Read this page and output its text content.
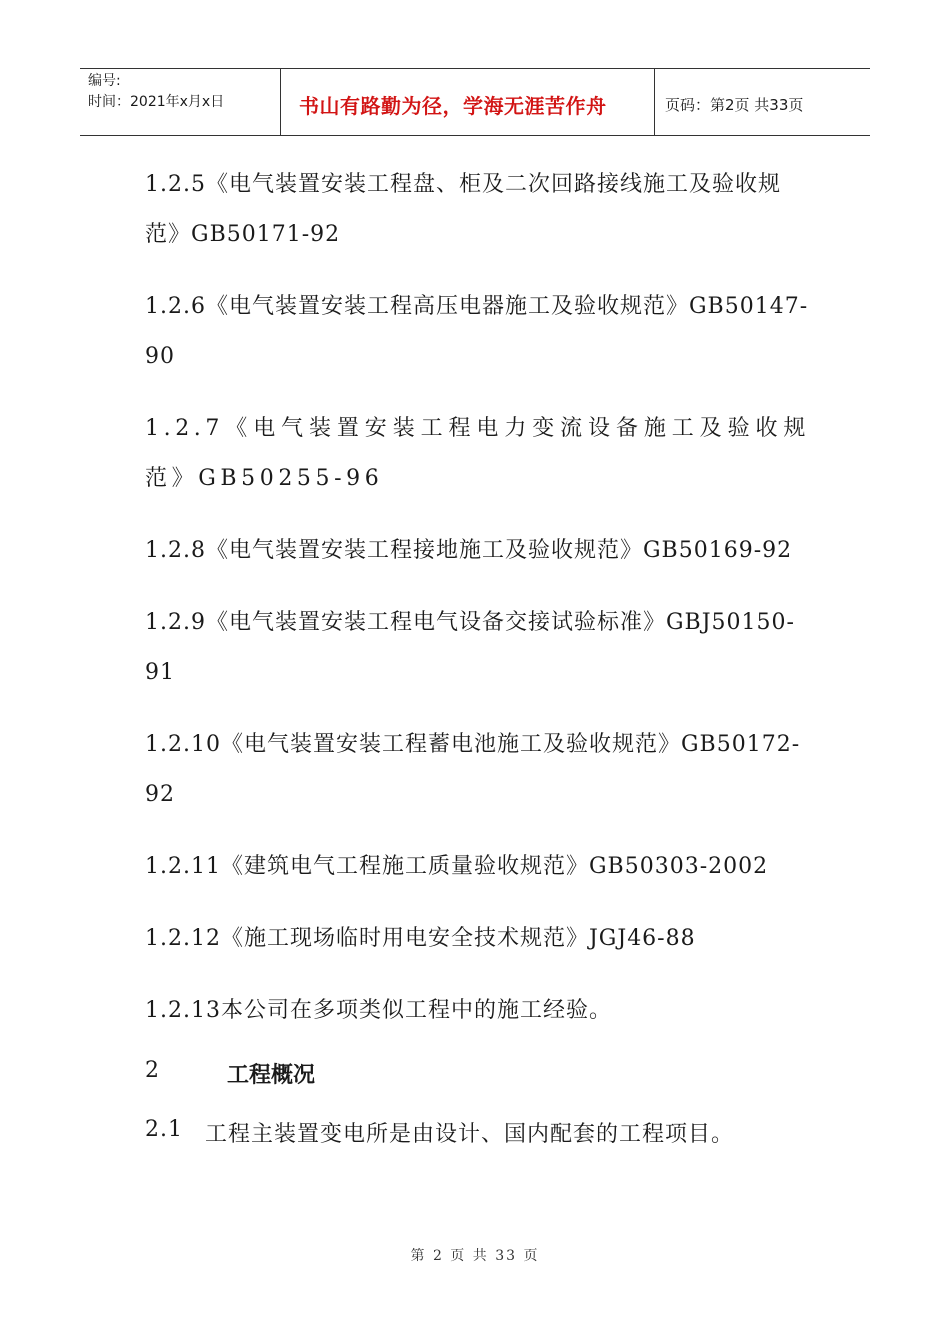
编号:
时间：2021年x月x日	书山有路勤为径，学海无涯苦作舟	页码：第2页 共33页

1.2.5《电气装置安装工程盘、柜及二次回路接线施工及验收规范》GB50171-92

1.2.6《电气装置安装工程高压电器施工及验收规范》GB50147-90

1.2.7《电气装置安装工程电力变流设备施工及验收规范》GB50255-96

1.2.8《电气装置安装工程接地施工及验收规范》GB50169-92

1.2.9《电气装置安装工程电气设备交接试验标准》GBJ50150-91

1.2.10《电气装置安装工程蓄电池施工及验收规范》GB50172-92

1.2.11《建筑电气工程施工质量验收规范》GB50303-2002

1.2.12《施工现场临时用电安全技术规范》JGJ46-88

1.2.13本公司在多项类似工程中的施工经验。

2	工程概况
2.1	工程主装置变电所是由设计、国内配套的工程项目。
第 2 页 共 33 页
